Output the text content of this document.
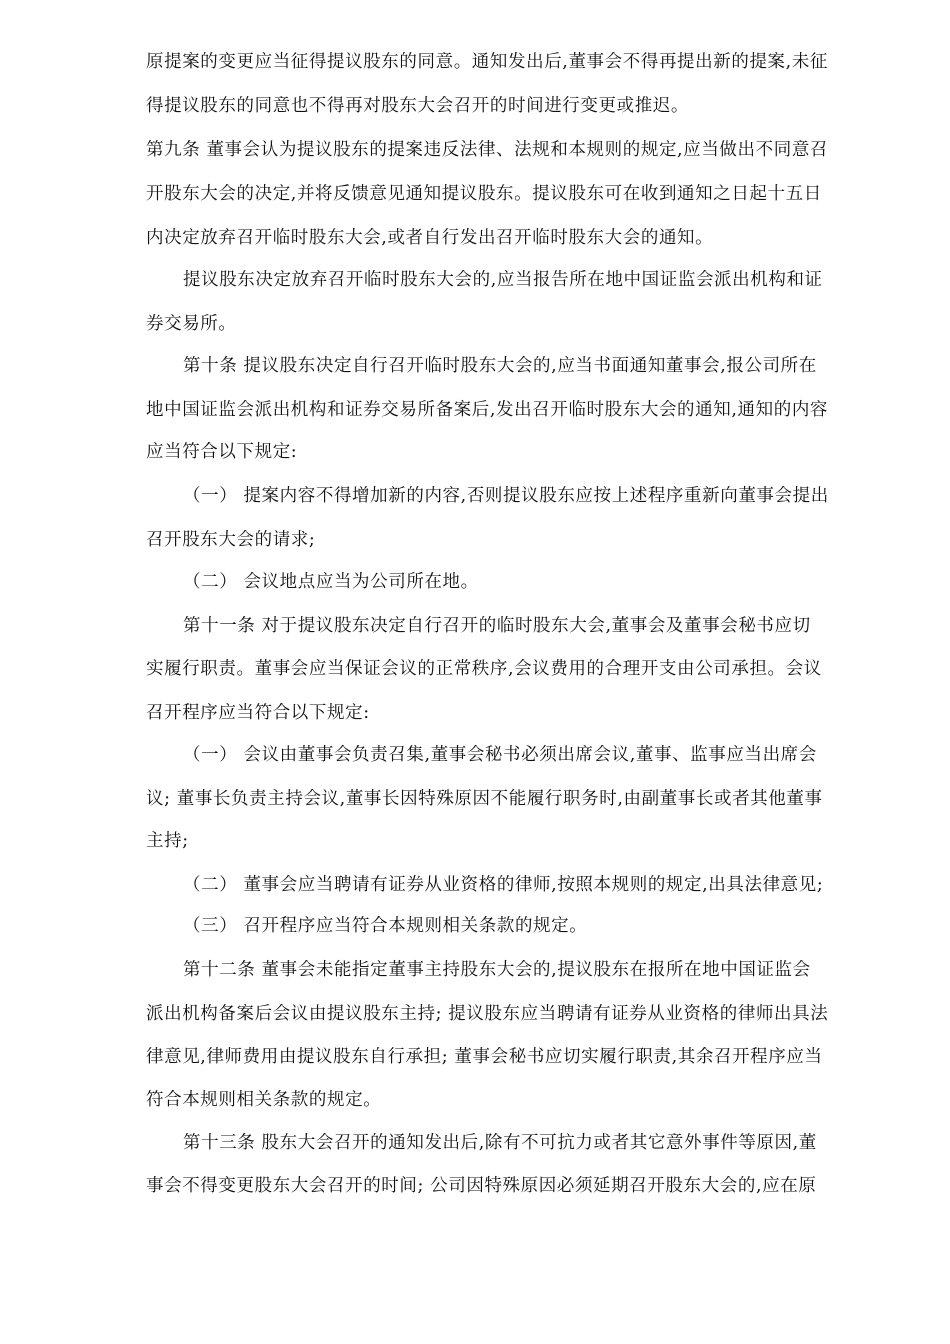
原提案的变更应当征得提议股东的同意。通知发出后,董事会不得再提出新的提案,未征
得提议股东的同意也不得再对股东大会召开的时间进行变更或推迟。
第九条 董事会认为提议股东的提案违反法律、法规和本规则的规定,应当做出不同意召
开股东大会的决定,并将反馈意见通知提议股东。提议股东可在收到通知之日起十五日
内决定放弃召开临时股东大会,或者自行发出召开临时股东大会的通知。
提议股东决定放弃召开临时股东大会的,应当报告所在地中国证监会派出机构和证
券交易所。
第十条 提议股东决定自行召开临时股东大会的,应当书面通知董事会,报公司所在
地中国证监会派出机构和证券交易所备案后,发出召开临时股东大会的通知,通知的内容
应当符合以下规定:
（一） 提案内容不得增加新的内容,否则提议股东应按上述程序重新向董事会提出
召开股东大会的请求;
（二） 会议地点应当为公司所在地。
第十一条 对于提议股东决定自行召开的临时股东大会,董事会及董事会秘书应切
实履行职责。董事会应当保证会议的正常秩序,会议费用的合理开支由公司承担。会议
召开程序应当符合以下规定:
（一） 会议由董事会负责召集,董事会秘书必须出席会议,董事、监事应当出席会
议; 董事长负责主持会议,董事长因特殊原因不能履行职务时,由副董事长或者其他董事
主持;
（二） 董事会应当聘请有证券从业资格的律师,按照本规则的规定,出具法律意见;
（三） 召开程序应当符合本规则相关条款的规定。
第十二条 董事会未能指定董事主持股东大会的,提议股东在报所在地中国证监会
派出机构备案后会议由提议股东主持; 提议股东应当聘请有证券从业资格的律师出具法
律意见,律师费用由提议股东自行承担; 董事会秘书应切实履行职责,其余召开程序应当
符合本规则相关条款的规定。
第十三条 股东大会召开的通知发出后,除有不可抗力或者其它意外事件等原因,董
事会不得变更股东大会召开的时间; 公司因特殊原因必须延期召开股东大会的,应在原
